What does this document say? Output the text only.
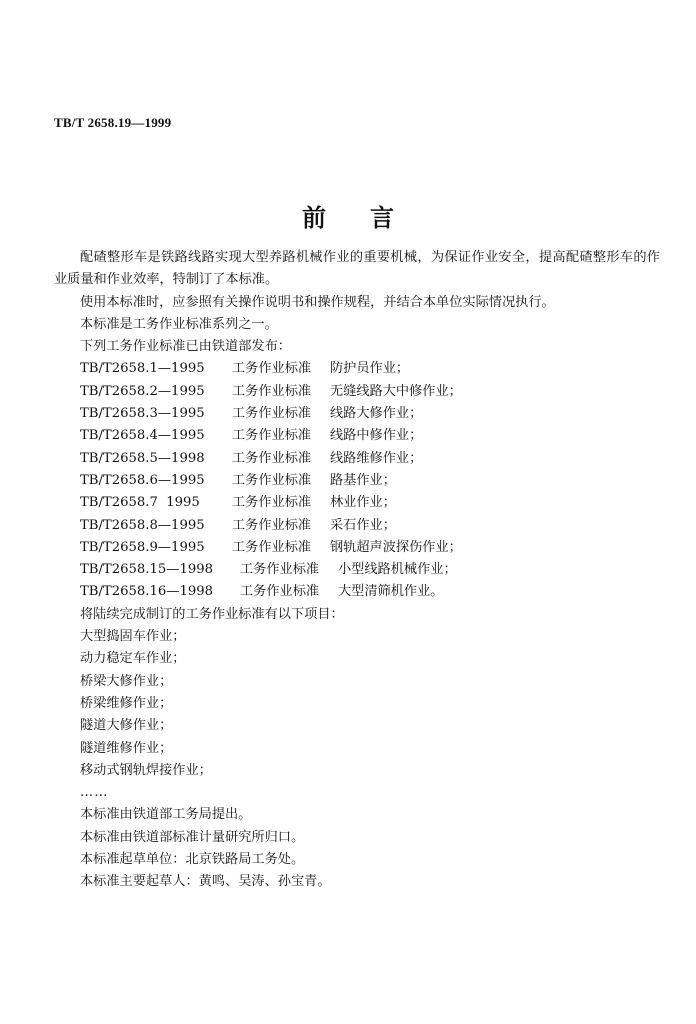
TB/T 2658.19—1999
前言

配碴整形车是铁路线路实现大型养路机械作业的重要机械，为保证作业安全，提高配碴整形车的作业质量和作业效率，特制订了本标准。

使用本标准时，应参照有关操作说明书和操作规程，并结合本单位实际情况执行。

本标准是工务作业标准系列之一。

下列工务作业标准已由铁道部发布：

TB/T2658.1—1995 工务作业标准 防护员作业；

TB/T2658.2—1995 工务作业标准 无缝线路大中修作业；

TB/T2658.3—1995 工务作业标准 线路大修作业；

TB/T2658.4—1995 工务作业标准 线路中修作业；

TB/T2658.5—1998 工务作业标准 线路维修作业；

TB/T2658.6—1995 工务作业标准 路基作业；

TB/T2658.7  1995 工务作业标准 林业作业；

TB/T2658.8—1995 工务作业标准 采石作业；

TB/T2658.9—1995 工务作业标准 钢轨超声波探伤作业；

TB/T2658.15—1998 工务作业标准 小型线路机械作业；

TB/T2658.16—1998 工务作业标准 大型清筛机作业。

将陆续完成制订的工务作业标准有以下项目：

大型捣固车作业；

动力稳定车作业；

桥梁大修作业；

桥梁维修作业；

隧道大修作业；

隧道维修作业；

移动式钢轨焊接作业；

……

本标准由铁道部工务局提出。

本标准由铁道部标准计量研究所归口。

本标准起草单位：北京铁路局工务处。

本标准主要起草人：黄鸣、吴涛、孙宝青。
